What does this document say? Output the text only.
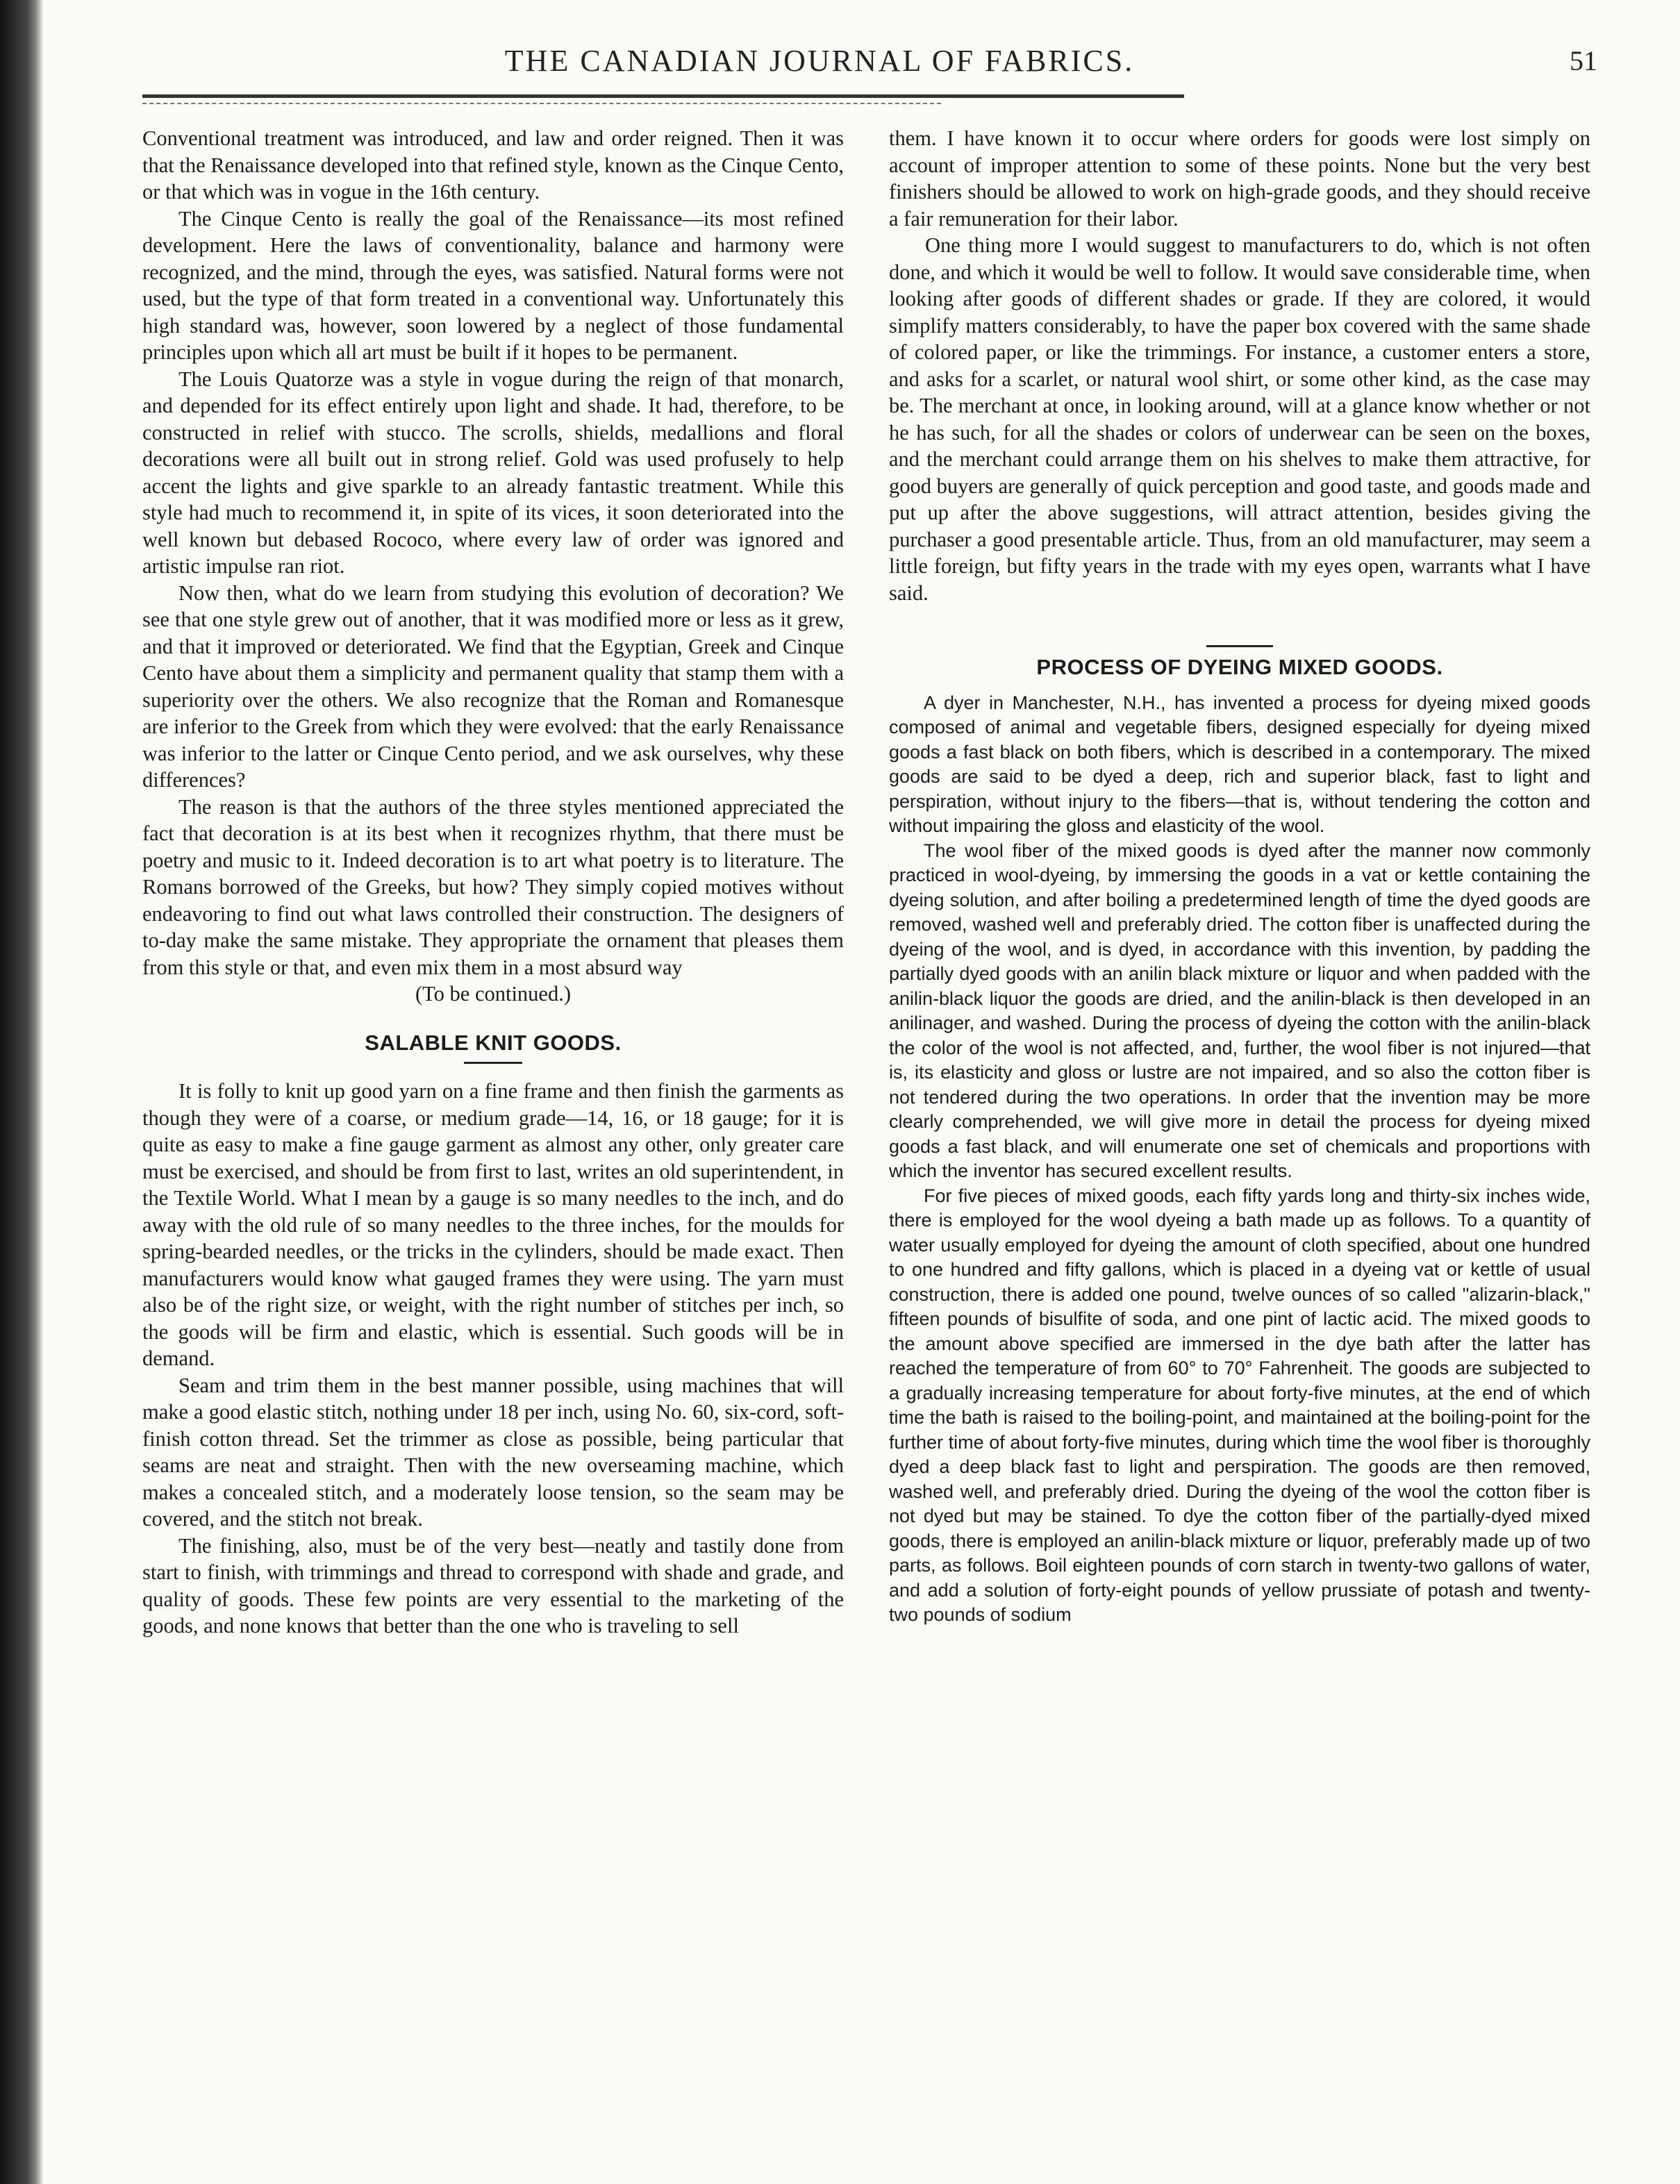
THE CANADIAN JOURNAL OF FABRICS.	51

Conventional treatment was introduced, and law and order reigned. Then it was that the Renaissance developed into that refined style, known as the Cinque Cento, or that which was in vogue in the 16th century.

The Cinque Cento is really the goal of the Renaissance—its most refined development. Here the laws of conventionality, balance and harmony were recognized, and the mind, through the eyes, was satisfied. Natural forms were not used, but the type of that form treated in a conventional way. Unfortunately this high standard was, however, soon lowered by a neglect of those fundamental principles upon which all art must be built if it hopes to be permanent.

The Louis Quatorze was a style in vogue during the reign of that monarch, and depended for its effect entirely upon light and shade. It had, therefore, to be constructed in relief with stucco. The scrolls, shields, medallions and floral decorations were all built out in strong relief. Gold was used profusely to help accent the lights and give sparkle to an already fantastic treatment. While this style had much to recommend it, in spite of its vices, it soon deteriorated into the well known but debased Rococo, where every law of order was ignored and artistic impulse ran riot.

Now then, what do we learn from studying this evolution of decoration? We see that one style grew out of another, that it was modified more or less as it grew, and that it improved or deteriorated. We find that the Egyptian, Greek and Cinque Cento have about them a simplicity and permanent quality that stamp them with a superiority over the others. We also recognize that the Roman and Romanesque are inferior to the Greek from which they were evolved: that the early Renaissance was inferior to the latter or Cinque Cento period, and we ask ourselves, why these differences?

The reason is that the authors of the three styles mentioned appreciated the fact that decoration is at its best when it recognizes rhythm, that there must be poetry and music to it. Indeed decoration is to art what poetry is to literature. The Romans borrowed of the Greeks, but how? They simply copied motives without endeavoring to find out what laws controlled their construction. The designers of to-day make the same mistake. They appropriate the ornament that pleases them from this style or that, and even mix them in a most absurd way

(To be continued.)

SALABLE KNIT GOODS.

It is folly to knit up good yarn on a fine frame and then finish the garments as though they were of a coarse, or medium grade—14, 16, or 18 gauge; for it is quite as easy to make a fine gauge garment as almost any other, only greater care must be exercised, and should be from first to last, writes an old superintendent, in the Textile World. What I mean by a gauge is so many needles to the inch, and do away with the old rule of so many needles to the three inches, for the moulds for spring-bearded needles, or the tricks in the cylinders, should be made exact. Then manufacturers would know what gauged frames they were using. The yarn must also be of the right size, or weight, with the right number of stitches per inch, so the goods will be firm and elastic, which is essential. Such goods will be in demand.

Seam and trim them in the best manner possible, using machines that will make a good elastic stitch, nothing under 18 per inch, using No. 60, six-cord, soft-finish cotton thread. Set the trimmer as close as possible, being particular that seams are neat and straight. Then with the new overseaming machine, which makes a concealed stitch, and a moderately loose tension, so the seam may be covered, and the stitch not break.

The finishing, also, must be of the very best—neatly and tastily done from start to finish, with trimmings and thread to correspond with shade and grade, and quality of goods. These few points are very essential to the marketing of the goods, and none knows that better than the one who is traveling to sell

them. I have known it to occur where orders for goods were lost simply on account of improper attention to some of these points. None but the very best finishers should be allowed to work on high-grade goods, and they should receive a fair remuneration for their labor.

One thing more I would suggest to manufacturers to do, which is not often done, and which it would be well to follow. It would save considerable time, when looking after goods of different shades or grade. If they are colored, it would simplify matters considerably, to have the paper box covered with the same shade of colored paper, or like the trimmings. For instance, a customer enters a store, and asks for a scarlet, or natural wool shirt, or some other kind, as the case may be. The merchant at once, in looking around, will at a glance know whether or not he has such, for all the shades or colors of underwear can be seen on the boxes, and the merchant could arrange them on his shelves to make them attractive, for good buyers are generally of quick perception and good taste, and goods made and put up after the above suggestions, will attract attention, besides giving the purchaser a good presentable article. Thus, from an old manufacturer, may seem a little foreign, but fifty years in the trade with my eyes open, warrants what I have said.

PROCESS OF DYEING MIXED GOODS.

A dyer in Manchester, N.H., has invented a process for dyeing mixed goods composed of animal and vegetable fibers, designed especially for dyeing mixed goods a fast black on both fibers, which is described in a contemporary. The mixed goods are said to be dyed a deep, rich and superior black, fast to light and perspiration, without injury to the fibers—that is, without tendering the cotton and without impairing the gloss and elasticity of the wool.

The wool fiber of the mixed goods is dyed after the manner now commonly practiced in wool-dyeing, by immersing the goods in a vat or kettle containing the dyeing solution, and after boiling a predetermined length of time the dyed goods are removed, washed well and preferably dried. The cotton fiber is unaffected during the dyeing of the wool, and is dyed, in accordance with this invention, by padding the partially dyed goods with an anilin black mixture or liquor and when padded with the anilin-black liquor the goods are dried, and the anilin-black is then developed in an anilinager, and washed. During the process of dyeing the cotton with the anilin-black the color of the wool is not affected, and, further, the wool fiber is not injured—that is, its elasticity and gloss or lustre are not impaired, and so also the cotton fiber is not tendered during the two operations. In order that the invention may be more clearly comprehended, we will give more in detail the process for dyeing mixed goods a fast black, and will enumerate one set of chemicals and proportions with which the inventor has secured excellent results.

For five pieces of mixed goods, each fifty yards long and thirty-six inches wide, there is employed for the wool dyeing a bath made up as follows. To a quantity of water usually employed for dyeing the amount of cloth specified, about one hundred to one hundred and fifty gallons, which is placed in a dyeing vat or kettle of usual construction, there is added one pound, twelve ounces of so called "alizarin-black," fifteen pounds of bisulfite of soda, and one pint of lactic acid. The mixed goods to the amount above specified are immersed in the dye bath after the latter has reached the temperature of from 60° to 70° Fahrenheit. The goods are subjected to a gradually increasing temperature for about forty-five minutes, at the end of which time the bath is raised to the boiling-point, and maintained at the boiling-point for the further time of about forty-five minutes, during which time the wool fiber is thoroughly dyed a deep black fast to light and perspiration. The goods are then removed, washed well, and preferably dried. During the dyeing of the wool the cotton fiber is not dyed but may be stained. To dye the cotton fiber of the partially-dyed mixed goods, there is employed an anilin-black mixture or liquor, preferably made up of two parts, as follows. Boil eighteen pounds of corn starch in twenty-two gallons of water, and add a solution of forty-eight pounds of yellow prussiate of potash and twenty-two pounds of sodium
